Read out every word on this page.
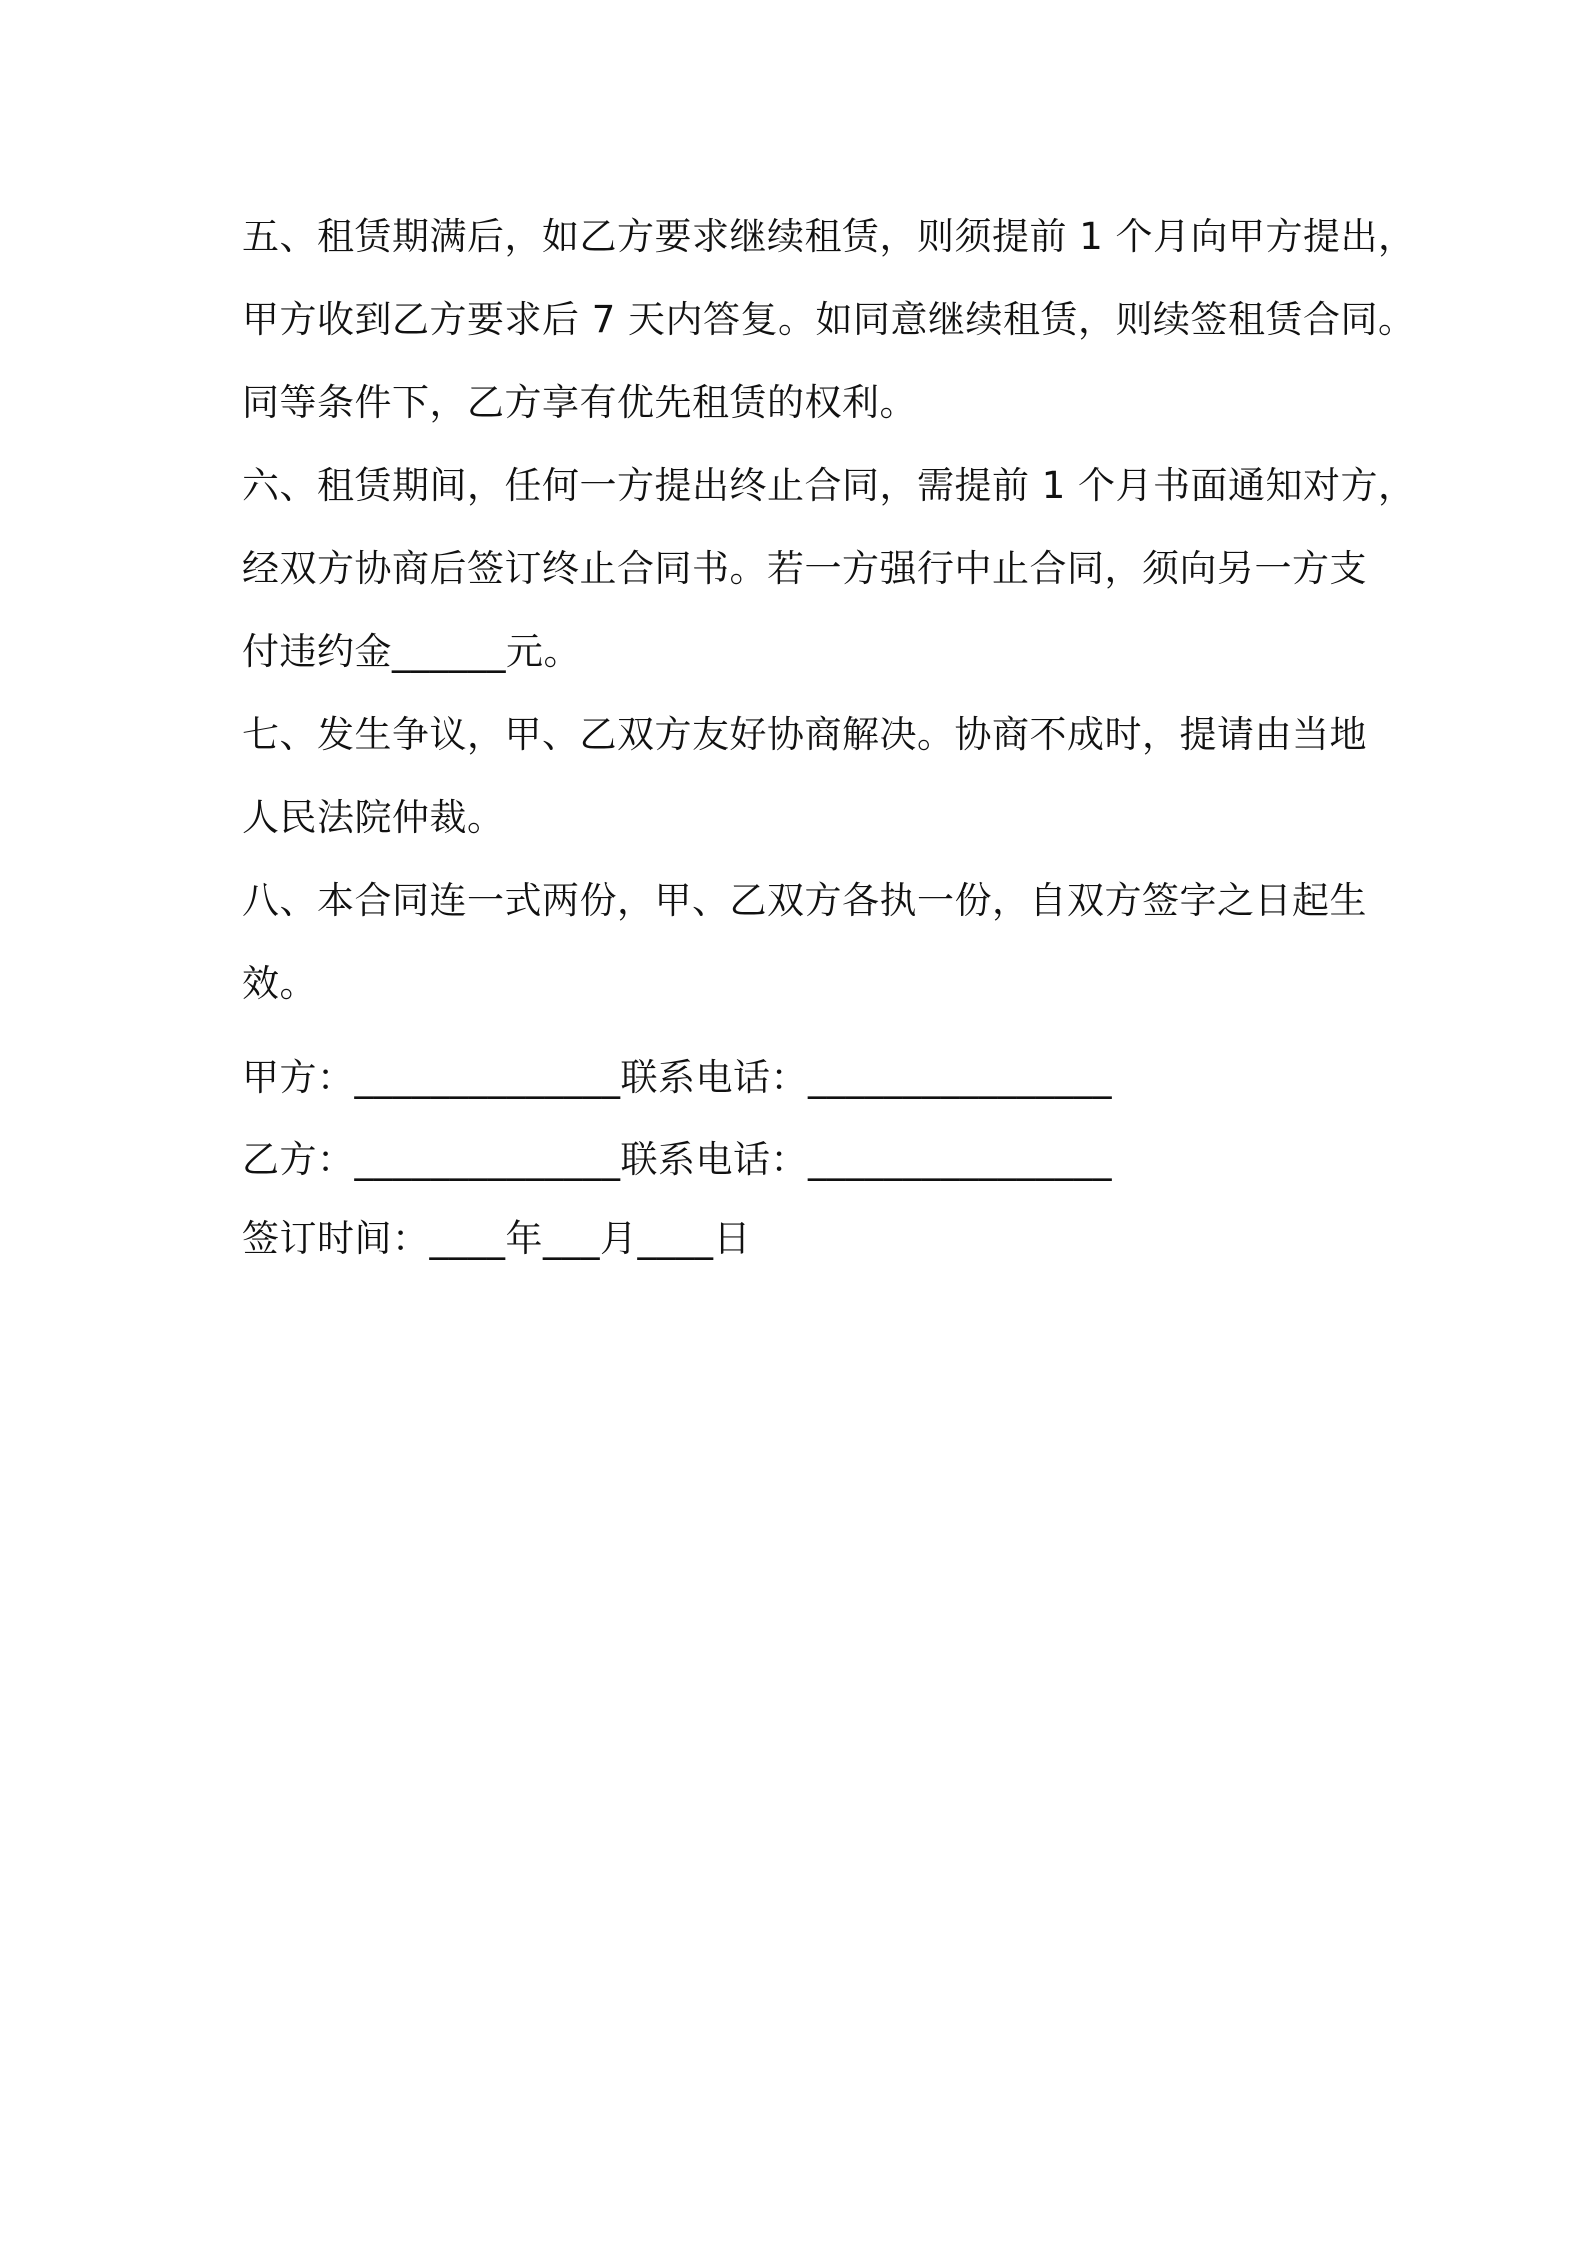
五、租赁期满后，如乙方要求继续租赁，则须提前 1 个月向甲方提出，
甲方收到乙方要求后 7 天内答复。如同意继续租赁，则续签租赁合同。
同等条件下，乙方享有优先租赁的权利。
六、租赁期间，任何一方提出终止合同，需提前 1 个月书面通知对方，
经双方协商后签订终止合同书。若一方强行中止合同，须向另一方支
付违约金______元。
七、发生争议，甲、乙双方友好协商解决。协商不成时，提请由当地
人民法院仲裁。
八、本合同连一式两份，甲、乙双方各执一份，自双方签字之日起生
效。
甲方：______________联系电话：________________
乙方：______________联系电话：________________
签订时间：____年___月____日
